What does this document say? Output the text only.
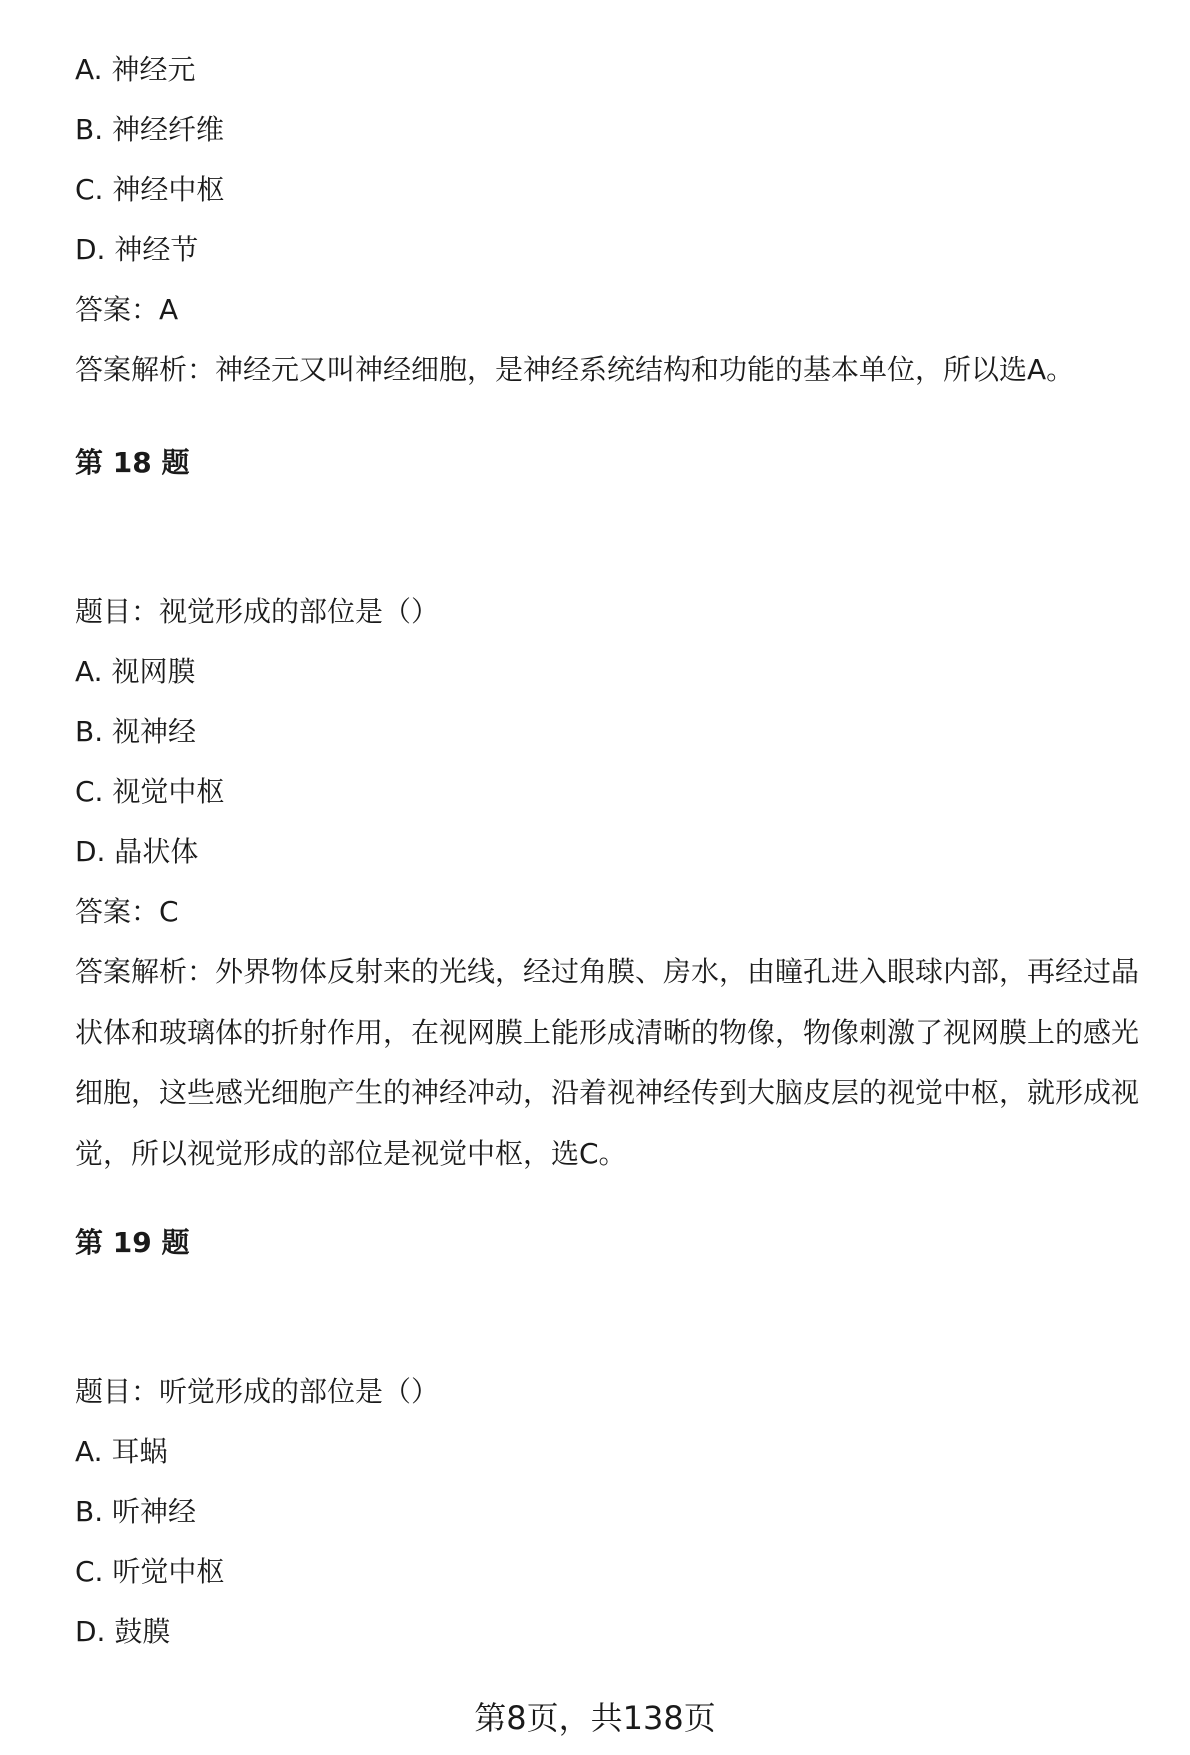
A. 神经元
B. 神经纤维
C. 神经中枢
D. 神经节
答案：A
答案解析：神经元又叫神经细胞，是神经系统结构和功能的基本单位，所以选A。
第 18 题
题目：视觉形成的部位是（）
A. 视网膜
B. 视神经
C. 视觉中枢
D. 晶状体
答案：C
答案解析：外界物体反射来的光线，经过角膜、房水，由瞳孔进入眼球内部，再经过晶状体和玻璃体的折射作用，在视网膜上能形成清晰的物像，物像刺激了视网膜上的感光细胞，这些感光细胞产生的神经冲动，沿着视神经传到大脑皮层的视觉中枢，就形成视觉，所以视觉形成的部位是视觉中枢，选C。
第 19 题
题目：听觉形成的部位是（）
A. 耳蜗
B. 听神经
C. 听觉中枢
D. 鼓膜
第8页，共138页
